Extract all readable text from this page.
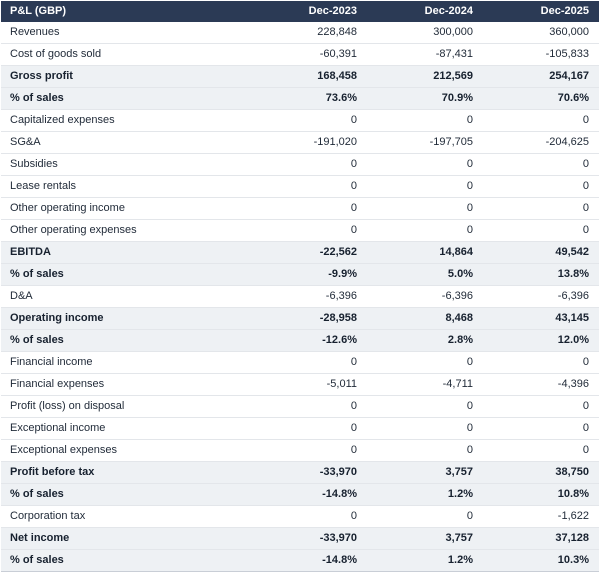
P&L (GBP)	Dec-2023	Dec-2024	Dec-2025
Revenues	228,848	300,000	360,000
Cost of goods sold	-60,391	-87,431	-105,833
Gross profit	168,458	212,569	254,167
% of sales	73.6%	70.9%	70.6%
Capitalized expenses	0	0	0
SG&A	-191,020	-197,705	-204,625
Subsidies	0	0	0
Lease rentals	0	0	0
Other operating income	0	0	0
Other operating expenses	0	0	0
EBITDA	-22,562	14,864	49,542
% of sales	-9.9%	5.0%	13.8%
D&A	-6,396	-6,396	-6,396
Operating income	-28,958	8,468	43,145
% of sales	-12.6%	2.8%	12.0%
Financial income	0	0	0
Financial expenses	-5,011	-4,711	-4,396
Profit (loss) on disposal	0	0	0
Exceptional income	0	0	0
Exceptional expenses	0	0	0
Profit before tax	-33,970	3,757	38,750
% of sales	-14.8%	1.2%	10.8%
Corporation tax	0	0	-1,622
Net income	-33,970	3,757	37,128
% of sales	-14.8%	1.2%	10.3%
